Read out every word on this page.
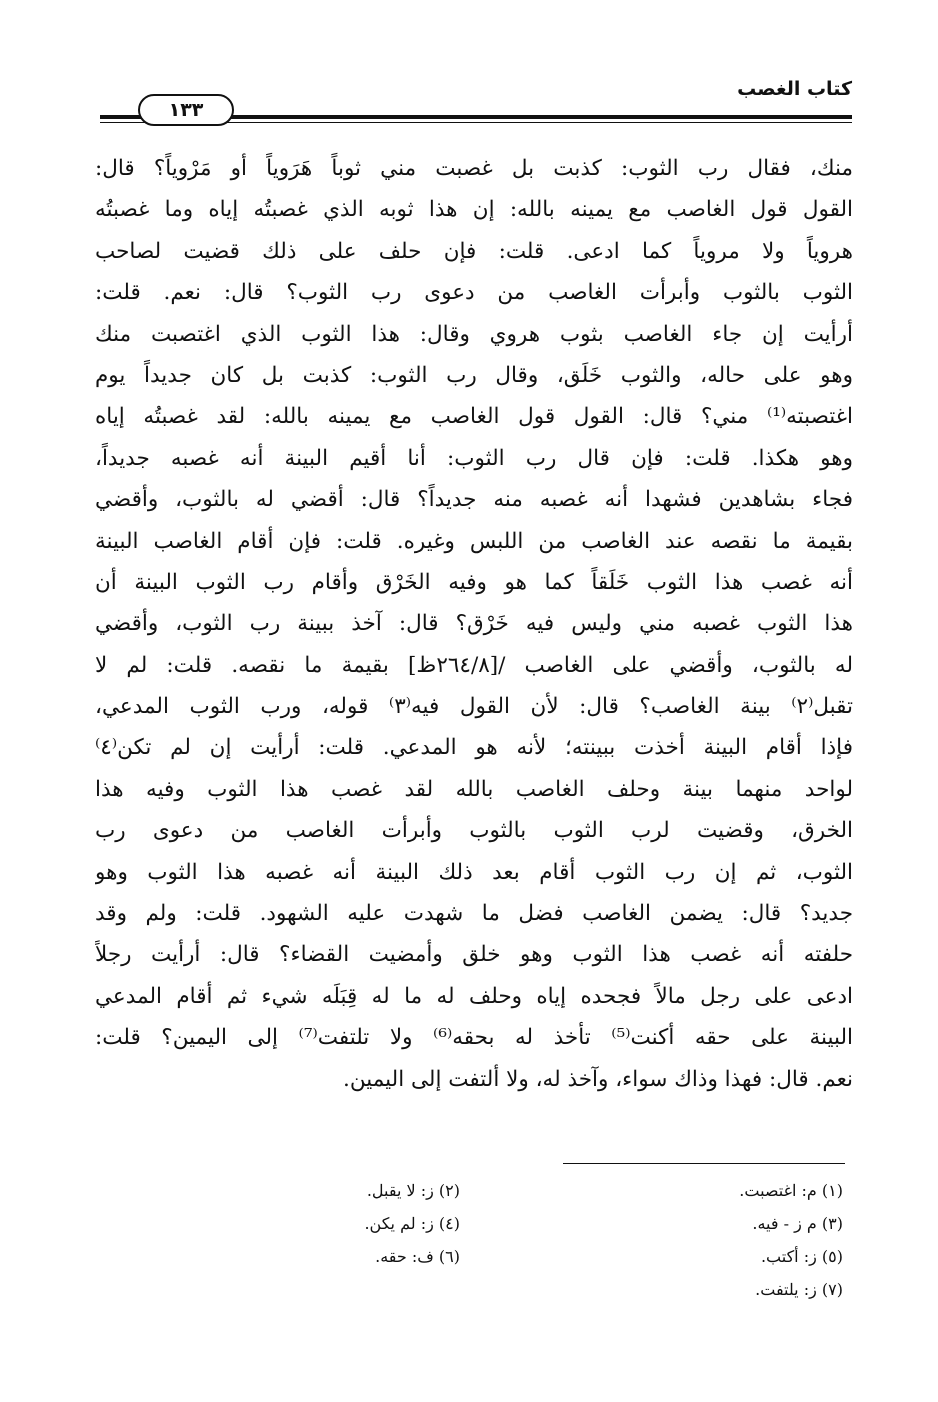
كتاب الغصب
١٣٣
منك، فقال رب الثوب: كذبت بل غصبت مني ثوباً هَرَوياً أو مَرْوياً؟ قال:
القول قول الغاصب مع يمينه بالله: إن هذا ثوبه الذي غصبتُه إياه وما غصبتُه
هروياً ولا مروياً كما ادعى. قلت: فإن حلف على ذلك قضيت لصاحب
الثوب بالثوب وأبرأت الغاصب من دعوى رب الثوب؟ قال: نعم. قلت:
أرأيت إن جاء الغاصب بثوب هروي وقال: هذا الثوب الذي اغتصبت منك
وهو على حاله، والثوب خَلَق، وقال رب الثوب: كذبت بل كان جديداً يوم
اغتصبته⁽¹⁾ مني؟ قال: القول قول الغاصب مع يمينه بالله: لقد غصبتُه إياه
وهو هكذا. قلت: فإن قال رب الثوب: أنا أقيم البينة أنه غصبه جديداً،
فجاء بشاهدين فشهدا أنه غصبه منه جديداً؟ قال: أقضي له بالثوب، وأقضي
بقيمة ما نقصه عند الغاصب من اللبس وغيره. قلت: فإن أقام الغاصب البينة
أنه غصب هذا الثوب خَلَقاً كما هو وفيه الخَرْق وأقام رب الثوب البينة أن
هذا الثوب غصبه مني وليس فيه خَرْق؟ قال: آخذ ببينة رب الثوب، وأقضي
له بالثوب، وأقضي على الغاصب /[٢٦٤/٨ظ] بقيمة ما نقصه. قلت: لم لا
تقبل⁽٢⁾ بينة الغاصب؟ قال: لأن القول فيه⁽٣⁾ قوله، ورب الثوب المدعي،
فإذا أقام البينة أخذت ببينته؛ لأنه هو المدعي. قلت: أرأيت إن لم تكن⁽٤⁾
لواحد منهما بينة وحلف الغاصب بالله لقد غصب هذا الثوب وفيه هذا
الخرق، وقضيت لرب الثوب بالثوب وأبرأت الغاصب من دعوى رب
الثوب، ثم إن رب الثوب أقام بعد ذلك البينة أنه غصبه هذا الثوب وهو
جديد؟ قال: يضمن الغاصب فضل ما شهدت عليه الشهود. قلت: ولم وقد
حلفته أنه غصب هذا الثوب وهو خلق وأمضيت القضاء؟ قال: أرأيت رجلاً
ادعى على رجل مالاً فجحده إياه وحلف له ما له قِبَلَه شيء ثم أقام المدعي
البينة على حقه أكنت⁽⁵⁾ تأخذ له بحقه⁽⁶⁾ ولا تلتفت⁽⁷⁾ إلى اليمين؟ قلت:
نعم. قال: فهذا وذاك سواء، وآخذ له، ولا ألتفت إلى اليمين.
(١) م: اغتصبت.
(٢) ز: لا يقبل.
(٣) م ز - فيه.
(٤) ز: لم يكن.
(٥) ز: أكتب.
(٦) ف: حقه.
(٧) ز: يلتفت.
